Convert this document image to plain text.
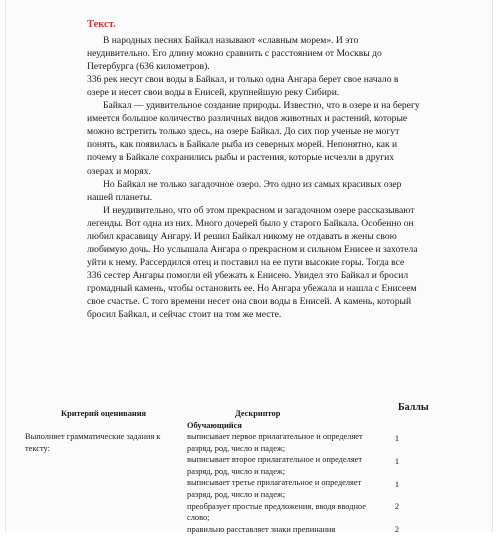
Текст.

В народных песнях Байкал называют «славным морем». И это неудивительно. Его длину можно сравнить с расстоянием от Москвы до Петербурга (636 километров).

336 рек несут свои воды в Байкал, и только одна Ангара берет свое начало в озере и несет свои воды в Енисей, крупнейшую реку Сибири.

Байкал — удивительное создание природы. Известно, что в озере и на берегу имеется большое количество различных видов животных и растений, которые можно встретить только здесь, на озере Байкал. До сих пор ученые не могут понять, как появилась в Байкале рыба из северных морей. Непонятно, как и почему в Байкале сохранились рыбы и растения, которые исчезли в других озерах и морях.

Но Байкал не только загадочное озеро. Это одно из самых красивых озер нашей планеты.

И неудивительно, что об этом прекрасном и загадочном озере рассказывают легенды. Вот одна из них. Много дочерей было у старого Байкала. Особенно он любил красавицу Ангару. И решил Байкал никому не отдавать в жены свою любимую дочь. Но услышала Ангара о прекрасном и сильном Енисее и захотела уйти к нему. Рассердился отец и поставил на ее пути высокие горы. Тогда все 336 сестер Ангары помогли ей убежать к Енисею. Увидел это Байкал и бросил громадный камень, чтобы остановить ее. Но Ангара убежала и нашла с Енисеем свое счастье. С того времени несет она свои воды в Енисей. А камень, который бросил Байкал, и сейчас стоит на том же месте.

Критерий оценивания	Дескриптор
Баллы
Обучающийся
Выполняет грамматические задания к тексту:
выписывает первое прилагательное и определяет разряд, род, число и падеж;
выписывает второе прилагательное и определяет разряд, род, число и падеж;
выписывает третье прилагательное и определяет разряд, род, число и падеж;
преобразует простые предложения, вводя вводное слово;
правильно расставляет знаки препинания
1
1
1
2
2
